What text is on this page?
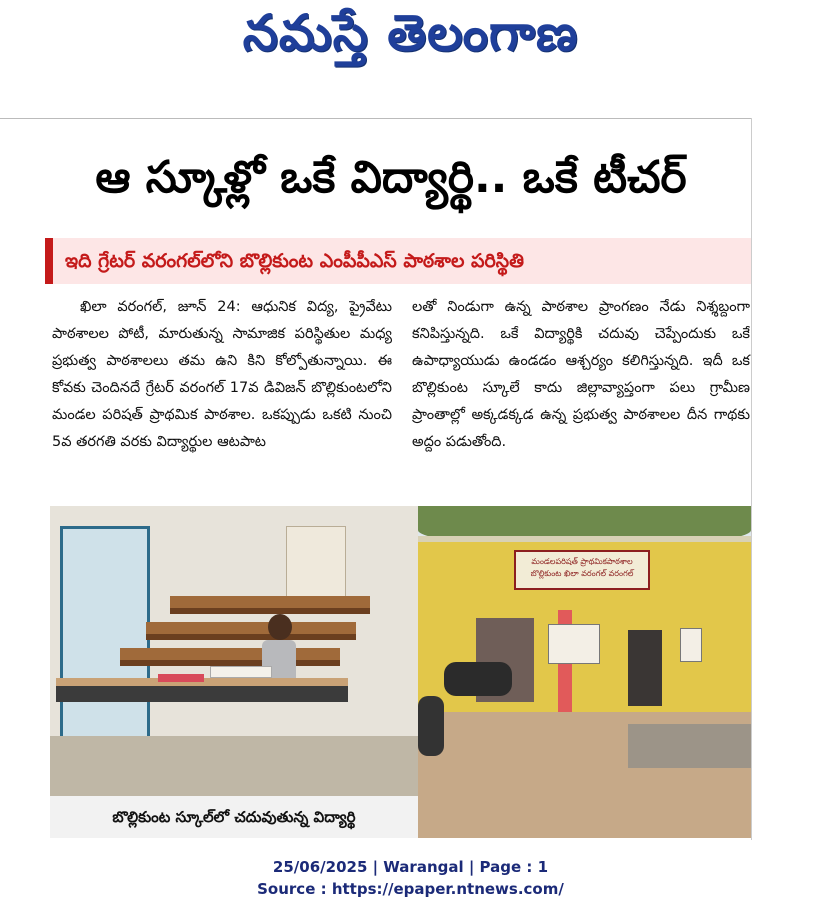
నమస్తే తెలంగాణ
ఆ స్కూళ్లో ఒకే విద్యార్థి.. ఒకే టీచర్
ఇది గ్రేటర్ వరంగల్‌లోని బొల్లికుంట ఎంపీపీఎస్ పాఠశాల పరిస్థితి

ఖిలా వరంగల్, జూన్ 24: ఆధునిక విద్య, ప్రైవేటు పాఠశాలల పోటీ, మారుతున్న సామాజిక పరిస్థితుల మధ్య ప్రభుత్వ పాఠశాలలు తమ ఉని కిని కోల్పోతున్నాయి. ఈ కోవకు చెందినదే గ్రేటర్ వరంగల్ 17వ డివిజన్ బొల్లికుంటలోని మండల పరిషత్ ప్రాథమిక పాఠశాల. ఒకప్పుడు ఒకటి నుంచి 5వ తరగతి వరకు విద్యార్థుల ఆటపాట

లతో నిండుగా ఉన్న పాఠశాల ప్రాంగణం నేడు నిశ్శబ్దంగా కనిపిస్తున్నది. ఒకే విద్యార్థికి చదువు చెప్పేందుకు ఒకే ఉపాధ్యాయుడు ఉండడం ఆశ్చర్యం కలిగిస్తున్నది. ఇదీ ఒక బొల్లికుంట స్కూలే కాదు జిల్లావ్యాప్తంగా పలు గ్రామీణ ప్రాంతాల్లో అక్కడక్కడ ఉన్న ప్రభుత్వ పాఠశాలల దీన గాథకు అద్దం పడుతోంది.

బొల్లికుంట స్కూల్‌లో చదువుతున్న విద్యార్థి
మండలపరిషత్ ప్రాథమికపాఠశాల
బొల్లికుంట ఖిలా వరంగల్ వరంగల్
25/06/2025 | Warangal | Page : 1
Source : https://epaper.ntnews.com/
